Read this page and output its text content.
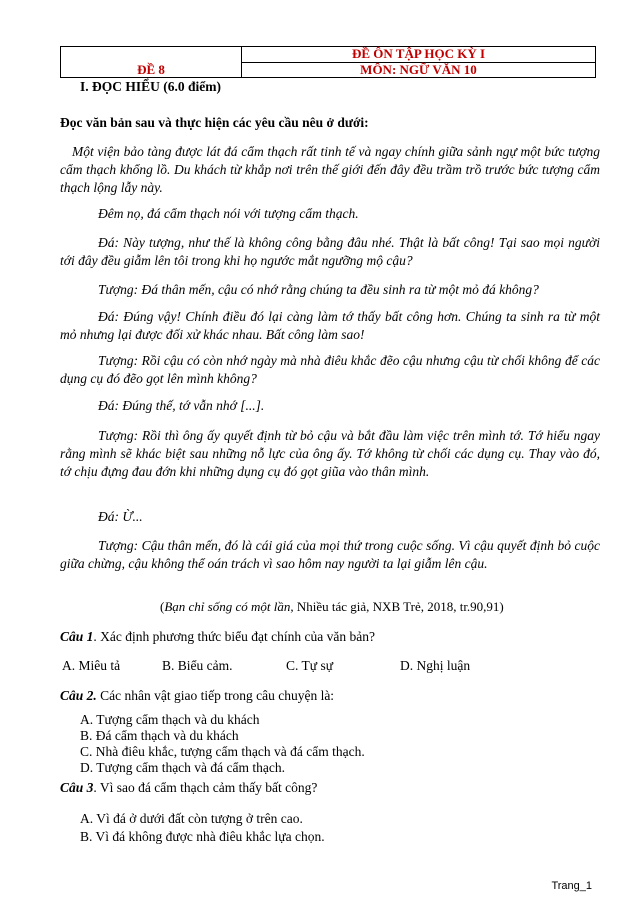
ĐỀ 8	ĐỀ ÔN TẬP HỌC KỲ I
MÔN: NGỮ VĂN 10

I. ĐỌC HIỂU (6.0 điểm)

Đọc văn bản sau và thực hiện các yêu cầu nêu ở dưới:

Một viện bảo tàng được lát đá cẩm thạch rất tinh tế và ngay chính giữa sảnh ngự một bức tượng cẩm thạch khổng lồ. Du khách từ khắp nơi trên thế giới đến đây đều trầm trồ trước bức tượng cẩm thạch lộng lẫy này.

Đêm nọ, đá cẩm thạch nói với tượng cẩm thạch.

Đá: Này tượng, như thế là không công bằng đâu nhé. Thật là bất công! Tại sao mọi người tới đây đều giẫm lên tôi trong khi họ ngước mắt ngưỡng mộ cậu?

Tượng: Đá thân mến, cậu có nhớ rằng chúng ta đều sinh ra từ một mỏ đá không?

Đá: Đúng vậy! Chính điều đó lại càng làm tớ thấy bất công hơn. Chúng ta sinh ra từ một mỏ nhưng lại được đối xử khác nhau. Bất công làm sao!

Tượng: Rồi cậu có còn nhớ ngày mà nhà điêu khắc đẽo cậu nhưng cậu từ chối không để các dụng cụ đó đẽo gọt lên mình không?

Đá: Đúng thế, tớ vẫn nhớ [...].

Tượng: Rồi thì ông ấy quyết định từ bỏ cậu và bắt đầu làm việc trên mình tớ. Tớ hiểu ngay rằng mình sẽ khác biệt sau những nỗ lực của ông ấy. Tớ không từ chối các dụng cụ. Thay vào đó, tớ chịu đựng đau đớn khi những dụng cụ đó gọt giũa vào thân mình.

Đá: Ừ...

Tượng: Cậu thân mến, đó là cái giá của mọi thứ trong cuộc sống. Vì cậu quyết định bỏ cuộc giữa chừng, cậu không thể oán trách vì sao hôm nay người ta lại giẫm lên cậu.

(Bạn chỉ sống có một lần, Nhiều tác giả, NXB Trẻ, 2018, tr.90,91)

Câu 1. Xác định phương thức biểu đạt chính của văn bản?

A. Miêu tả	B. Biểu cảm.	C. Tự sự	D. Nghị luận

Câu 2. Các nhân vật giao tiếp trong câu chuyện là:

A. Tượng cẩm thạch và du khách
B. Đá cẩm thạch và du khách
C. Nhà điêu khắc, tượng cẩm thạch và đá cẩm thạch.
D. Tượng cẩm thạch và đá cẩm thạch.

Câu 3. Vì sao đá cẩm thạch cảm thấy bất công?

A. Vì đá ở dưới đất còn tượng ở trên cao.
B. Vì đá không được nhà điêu khắc lựa chọn.
Trang_1
